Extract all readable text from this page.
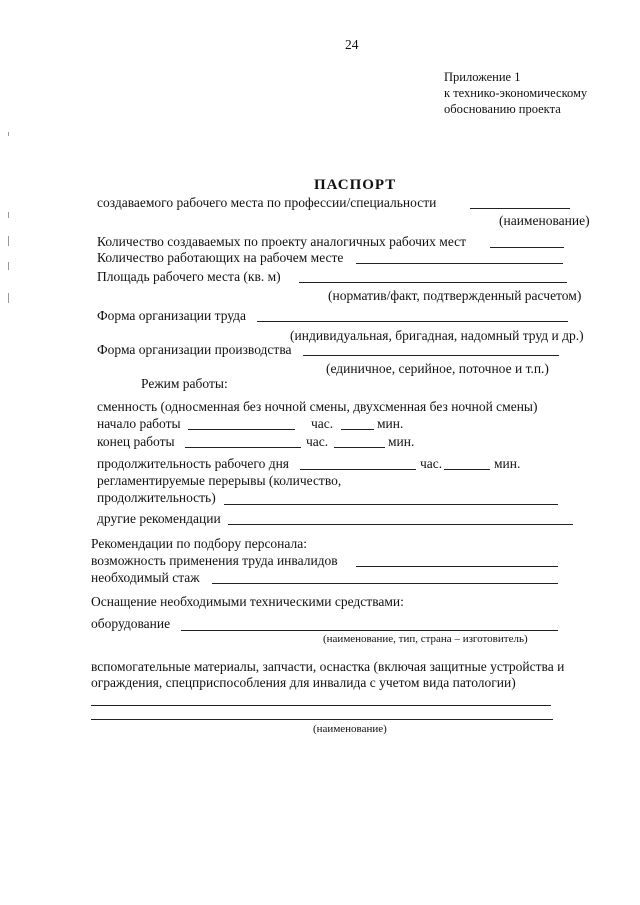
24
Приложение 1
к технико-экономическому
обоснованию проекта
ПАСПОРТ
создаваемого рабочего места по профессии/специальности
(наименование)
Количество создаваемых по проекту аналогичных рабочих мест
Количество работающих на рабочем месте
Площадь рабочего места (кв. м)
(норматив/факт, подтвержденный расчетом)
Форма организации труда
(индивидуальная, бригадная, надомный труд и др.)
Форма организации производства
(единичное, серийное, поточное и т.п.)
Режим работы:
сменность (односменная без ночной смены, двухсменная без ночной смены)
начало работы	час.	мин.
конец работы	час.	мин.
продолжительность рабочего дня	час.	мин.
регламентируемые перерывы (количество,
продолжительность)
другие рекомендации
Рекомендации по подбору персонала:
возможность применения труда инвалидов
необходимый стаж
Оснащение необходимыми техническими средствами:
оборудование
(наименование, тип, страна – изготовитель)
вспомогательные материалы, запчасти, оснастка (включая защитные устройства и
ограждения, спецприспособления для инвалида с учетом вида патологии)
(наименование)
